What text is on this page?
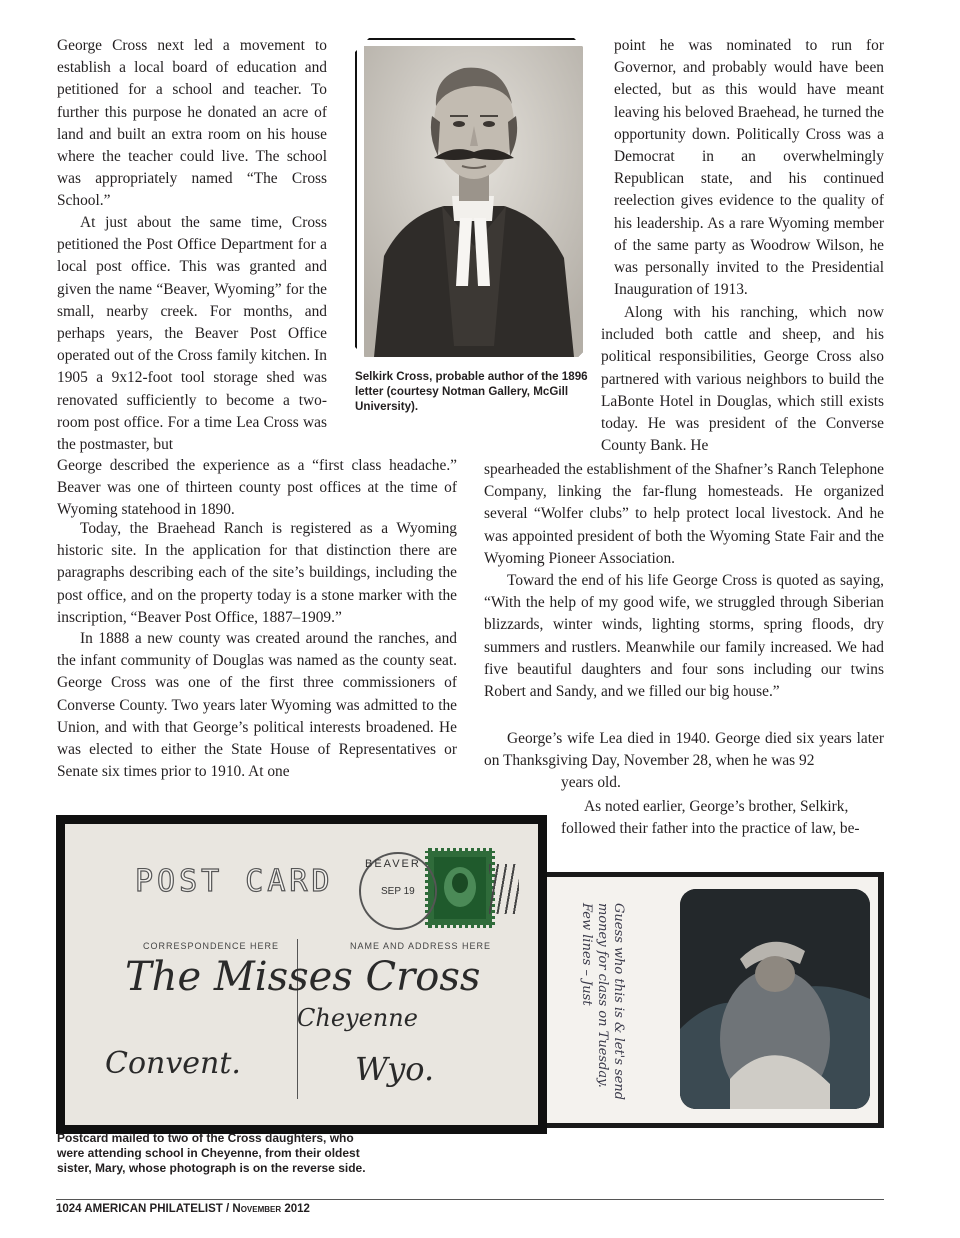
George Cross next led a movement to establish a local board of education and petitioned for a school and teacher. To further this purpose he donated an acre of land and built an extra room on his house where the teacher could live. The school was appropriately named “The Cross School.”

At just about the same time, Cross petitioned the Post Office Department for a local post office. This was granted and given the name “Beaver, Wyoming” for the small, nearby creek. For months, and perhaps years, the Beaver Post Office operated out of the Cross family kitchen. In 1905 a 9x12-foot tool storage shed was renovated sufficiently to become a two-room post office. For a time Lea Cross was the postmaster, but

George described the experience as a “first class headache.” Beaver was one of thirteen county post offices at the time of Wyoming statehood in 1890.

Today, the Braehead Ranch is registered as a Wyoming historic site. In the application for that distinction there are paragraphs describing each of the site’s buildings, including the post office, and on the property today is a stone marker with the inscription, “Beaver Post Office, 1887–1909.”

In 1888 a new county was created around the ranches, and the infant community of Douglas was named as the county seat. George Cross was one of the first three commissioners of Converse County. Two years later Wyoming was admitted to the Union, and with that George’s political interests broadened. He was elected to either the State House of Representatives or Senate six times prior to 1910. At one

Selkirk Cross, probable author of the 1896 letter (courtesy Notman Gallery, McGill University).

point he was nominated to run for Governor, and probably would have been elected, but as this would have meant leaving his beloved Braehead, he turned the opportunity down. Politically Cross was a Democrat in an overwhelmingly Republican state, and his continued reelection gives evidence to the quality of his leadership. As a rare Wyoming member of the same party as Woodrow Wilson, he was personally invited to the Presidential Inauguration of 1913.

Along with his ranching, which now included both cattle and sheep, and his political responsibilities, George Cross also partnered with various neighbors to build the LaBonte Hotel in Douglas, which still exists today. He was president of the Converse County Bank. He

spearheaded the establishment of the Shafner’s Ranch Telephone Company, linking the far-flung homesteads. He organized several “Wolfer clubs” to help protect local livestock. And he was appointed president of both the Wyoming State Fair and the Wyoming Pioneer Association.

Toward the end of his life George Cross is quoted as saying, “With the help of my good wife, we struggled through Siberian blizzards, winter winds, lighting storms, spring floods, dry summers and rustlers. Meanwhile our family increased. We had five beautiful daughters and four sons including our twins Robert and Sandy, and we filled our big house.”

George’s wife Lea died in 1940. George died six years later on Thanksgiving Day, November 28, when he was 92

years old.

As noted earlier, George’s brother, Selkirk,

followed their father into the practice of law, be-

Guess who this is & let's send money for class on Tuesday. Few lines – Just
POST CARD
CORRESPONDENCE HERE	NAME AND ADDRESS HERE
BEAVER
SEP 19
The Misses Cross
Cheyenne
Convent.	Wyo.

Postcard mailed to two of the Cross daughters, who were attending school in Cheyenne, from their oldest sister, Mary, whose photograph is on the reverse side.

1024 AMERICAN PHILATELIST / November 2012
